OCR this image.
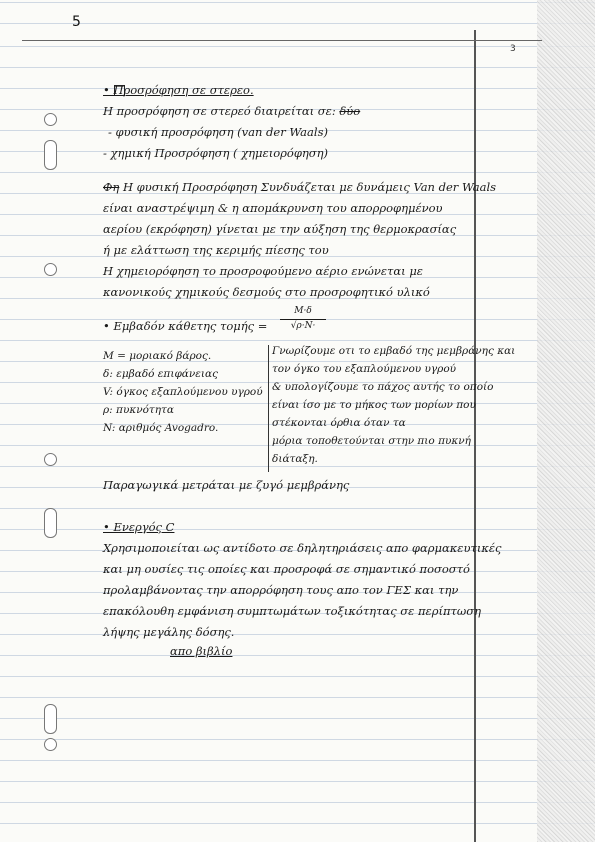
5
3
• Προσρόφηση σε στερεο.
Η προσρόφηση σε στερεό διαιρείται σε: δύο
- φυσική προσρόφηση (van der Waals)
- χημική Προσρόφηση ( χημειορόφηση)
Φη Η φυσική Προσρόφηση Συνδυάζεται με δυνάμεις Van der Waals
είναι αναστρέψιμη & η απομάκρυνση του απορροφημένου
αερίου (εκρόφηση) γίνεται με την αύξηση της θερμοκρασίας
ή με ελάττωση της κεριμής πίεσης του
Η χημειορόφηση το προσροφούμενο αέριο ενώνεται με
κανονικούς χημικούς δεσμούς στο προσροφητικό υλικό
• Εμβαδόν κάθετης τομής =
M·δ
√ρ·N·
M = μοριακό βάρος.
δ: εμβαδό επιφάνειας
V: όγκος εξαπλούμενου υγρού
ρ: πυκνότητα
N: αριθμός Avogadro.
Γνωρίζουμε οτι το εμβαδό της μεμβράνης και
τον όγκο του εξαπλούμενου υγρού
& υπολογίζουμε το πάχος αυτής το οποίο
είναι ίσο με το μήκος των μορίων που
στέκονται όρθια όταν τα
μόρια τοποθετούνται στην πιο πυκνή
διάταξη.
Παραγωγικά μετράται με ζυγό μεμβράνης
• Ενεργός C
Χρησιμοποιείται ως αντίδοτο σε δηλητηριάσεις απο φαρμακευτικές
και μη ουσίες τις οποίες και προσροφά σε σημαντικό ποσοστό
προλαμβάνοντας την απορρόφηση τους απο τον ΓΕΣ και την
επακόλουθη εμφάνιση συμπτωμάτων τοξικότητας σε περίπτωση
λήψης μεγάλης δόσης.
απο βιβλίο
